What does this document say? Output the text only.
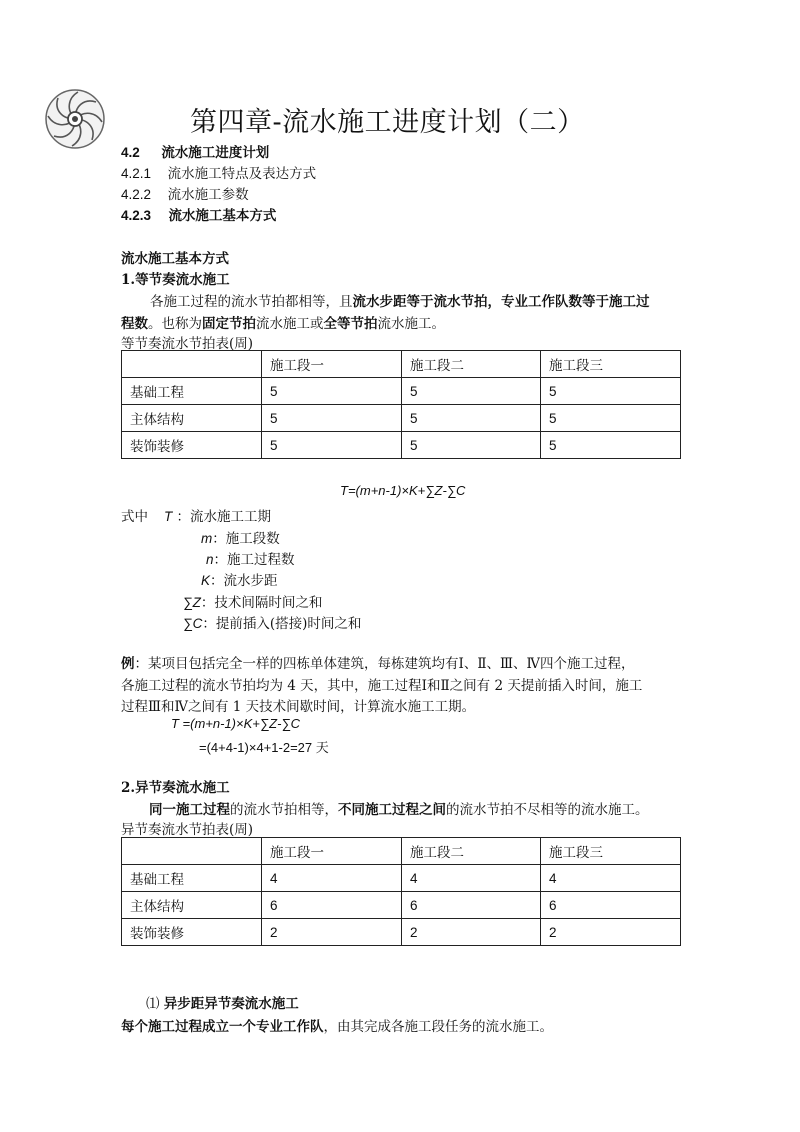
第四章-流水施工进度计划（二）
4.2 流水施工进度计划
4.2.1 流水施工特点及表达方式
4.2.2 流水施工参数
4.2.3 流水施工基本方式
流水施工基本方式
1.等节奏流水施工
各施工过程的流水节拍都相等，且流水步距等于流水节拍，专业工作队数等于施工过
程数。也称为固定节拍流水施工或全等节拍流水施工。
等节奏流水节拍表(周)
	施工段一	施工段二	施工段三
基础工程	5	5	5
主体结构	5	5	5
装饰装修	5	5	5
T=(m+n-1)×K+∑Z-∑C
式中 T ：流水施工工期
m：施工段数
n：施工过程数
K：流水步距
∑Z：技术间隔时间之和
∑C：提前插入(搭接)时间之和
例：某项目包括完全一样的四栋单体建筑，每栋建筑均有Ⅰ、Ⅱ、Ⅲ、Ⅳ四个施工过程，
各施工过程的流水节拍均为 4 天，其中，施工过程Ⅰ和Ⅱ之间有 2 天提前插入时间，施工
过程Ⅲ和Ⅳ之间有 1 天技术间歇时间，计算流水施工工期。
T =(m+n-1)×K+∑Z-∑C
=(4+4-1)×4+1-2=27 天
2.异节奏流水施工
同一施工过程的流水节拍相等，不同施工过程之间的流水节拍不尽相等的流水施工。
异节奏流水节拍表(周)
	施工段一	施工段二	施工段三
基础工程	4	4	4
主体结构	6	6	6
装饰装修	2	2	2
⑴ 异步距异节奏流水施工
每个施工过程成立一个专业工作队，由其完成各施工段任务的流水施工。
